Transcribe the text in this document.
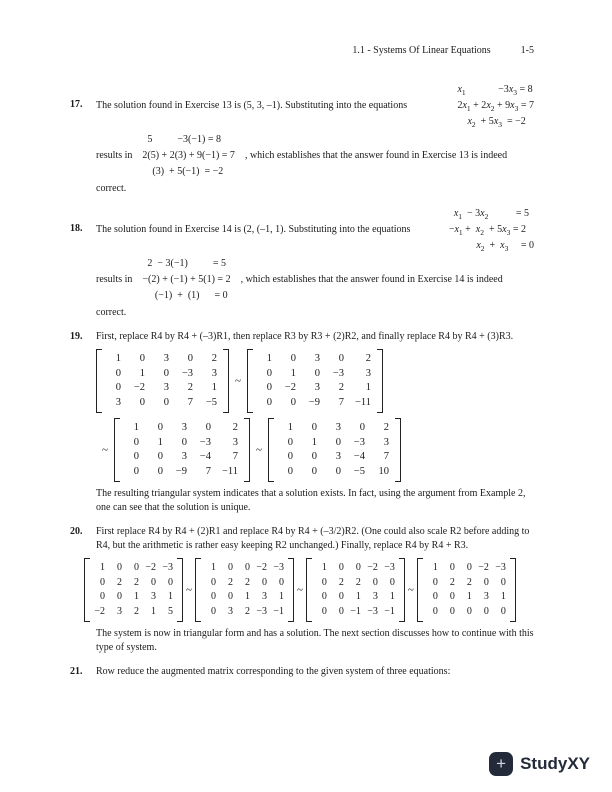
1.1 - Systems Of Linear Equations	1-5
17.	The solution found in Exercise 13 is (5, 3, –1). Substituting into the equations
$x_1$             $-3x_3 = 8$
$2x_1 + 2x_2 + 9x_3 = 7$
$x_2 + 5x_3 = -2$
results in
5          −3(−1) = 8
2(5) + 2(3) + 9(−1) = 7
(3)  + 5(−1)  = −2
, which establishes that the answer found in Exercise 13 is indeed
correct.
18.	The solution found in Exercise 14 is (2, (–1, 1). Substituting into the equations
$x_1 - 3x_2$           = 5
$-x_1 + x_2 + 5x_3 = 2$
$x_2 + x_3$     = 0
results in
2  − 3(−1)          = 5
−(2) + (−1) + 5(1) = 2
(−1)  +  (1)      = 0
, which establishes that the answer found in Exercise 14 is indeed
correct.
19.	First, replace R4 by R4 + (–3)R1, then replace R3 by R3 + (2)R2, and finally replace R4 by R4 + (3)R3.
1	0	3	0	2
0	1	0 −3	3
0 −2	3	2	1
3	0	0	7 −5
~
1	0	3	0	2
0	1	0 −3	3
0 −2	3	2	1
0	0 −9	7 −11
~
1	0	3	0	2
0	1	0 −3	3
0	0	3 −4	7
0	0 −9	7 −11
~
1	0	3	0	2
0	1	0 −3	3
0	0	3 −4	7
0	0	0 −5 10
The resulting triangular system indicates that a solution exists. In fact, using the argument from Example 2, one can see that the solution is unique.
20.	First replace R4 by R4 + (2)R1 and replace R4 by R4 + (–3/2)R2. (One could also scale R2 before adding to R4, but the arithmetic is rather easy keeping R2 unchanged.) Finally, replace R4 by R4 + R3.
1	0	0 −2 −3
0	2	2	0	0
0	0	1	3	1
−2	3	2	1	5
~
1	0	0 −2 −3
0	2	2	0	0
0	0	1	3	1
0	3	2 −3 −1
~
1	0	0 −2 −3
0	2	2	0	0
0	0	1	3	1
0	0 −1 −3 −1
~
1	0	0 −2 −3
0	2	2	0	0
0	0	1	3	1
0	0	0	0	0
The system is now in triangular form and has a solution. The next section discusses how to continue with this type of system.
21.	Row reduce the augmented matrix corresponding to the given system of three equations:
+ StudyXY
